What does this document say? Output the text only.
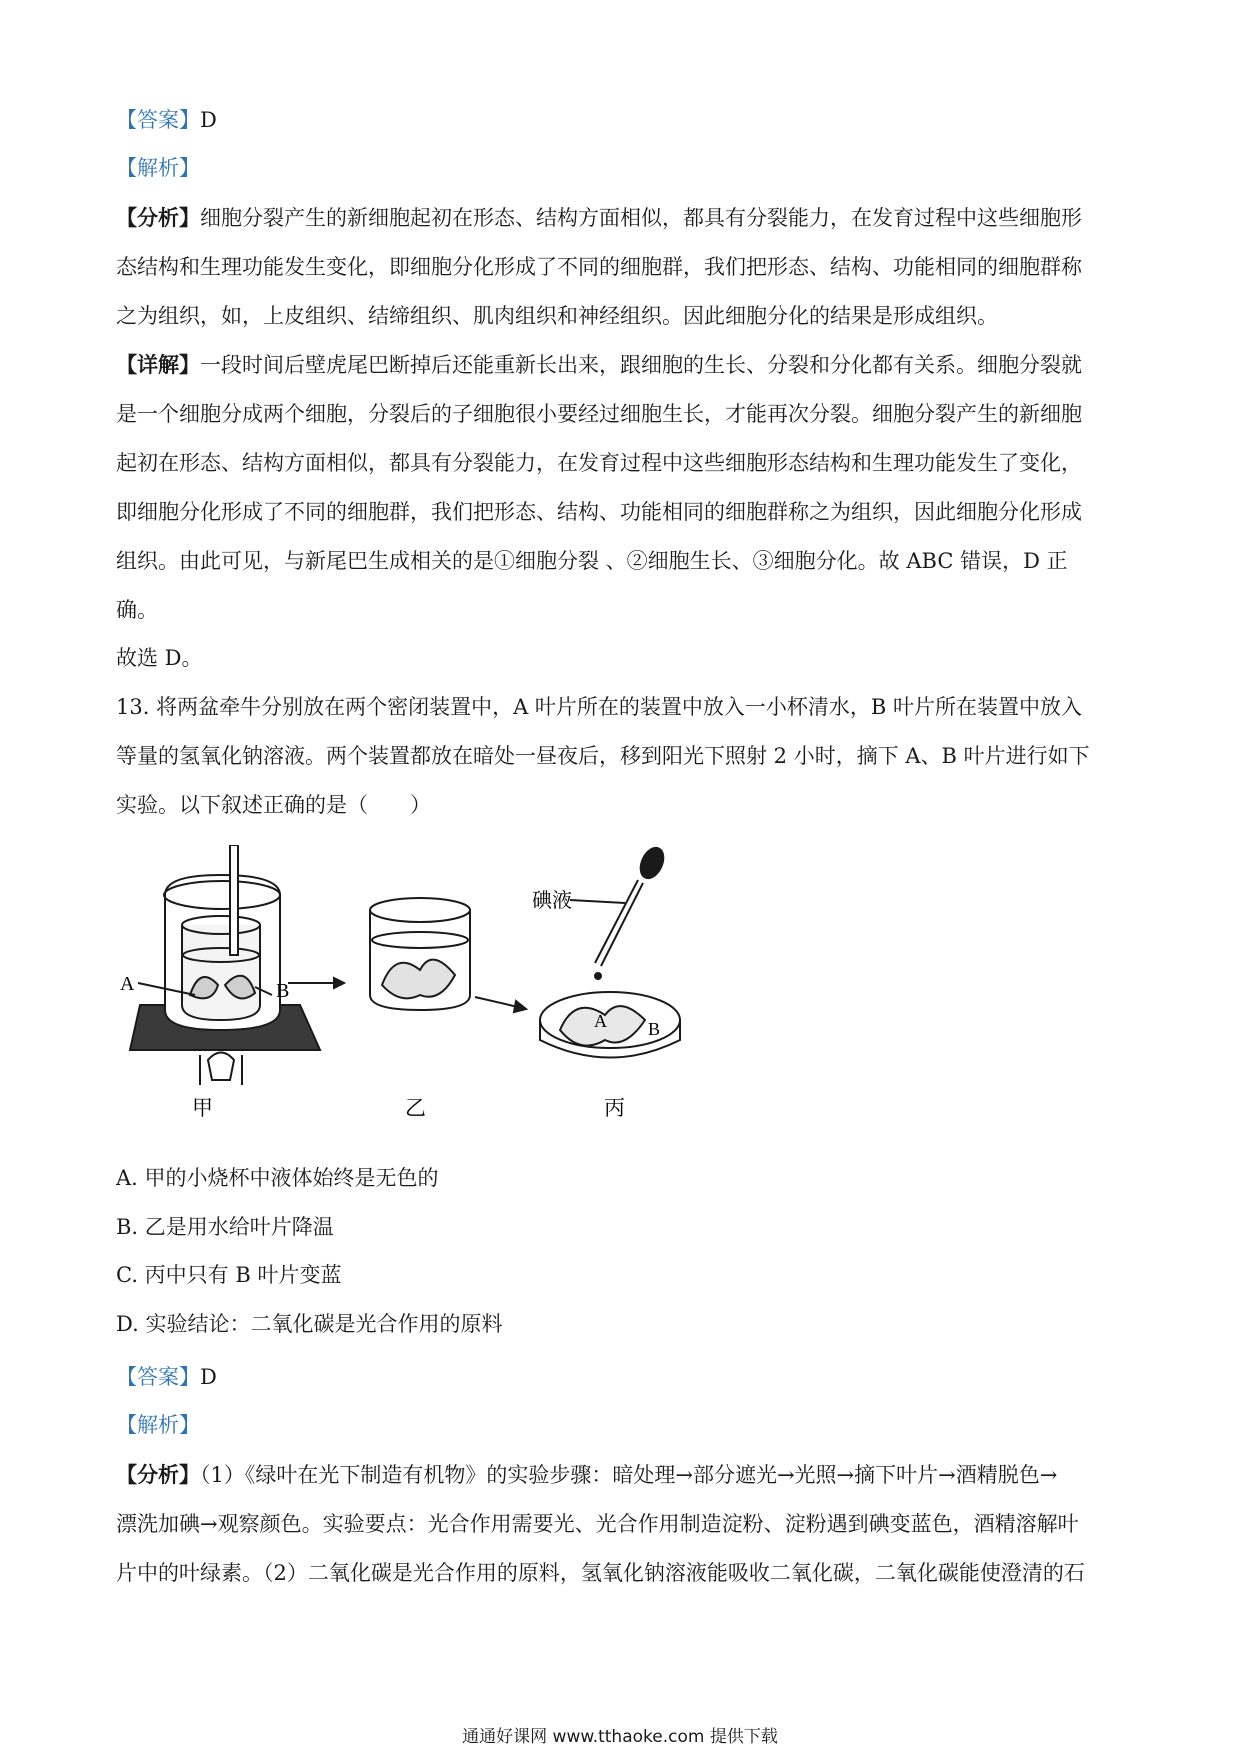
【答案】D
【解析】
【分析】细胞分裂产生的新细胞起初在形态、结构方面相似，都具有分裂能力，在发育过程中这些细胞形
态结构和生理功能发生变化，即细胞分化形成了不同的细胞群，我们把形态、结构、功能相同的细胞群称
之为组织，如，上皮组织、结缔组织、肌肉组织和神经组织。因此细胞分化的结果是形成组织。
【详解】一段时间后壁虎尾巴断掉后还能重新长出来，跟细胞的生长、分裂和分化都有关系。细胞分裂就
是一个细胞分成两个细胞，分裂后的子细胞很小要经过细胞生长，才能再次分裂。细胞分裂产生的新细胞
起初在形态、结构方面相似，都具有分裂能力，在发育过程中这些细胞形态结构和生理功能发生了变化，
即细胞分化形成了不同的细胞群，我们把形态、结构、功能相同的细胞群称之为组织，因此细胞分化形成
组织。由此可见，与新尾巴生成相关的是①细胞分裂 、②细胞生长、③细胞分化。故 ABC 错误，D 正
确。
故选 D。
13. 将两盆牵牛分别放在两个密闭装置中，A 叶片所在的装置中放入一小杯清水，B 叶片所在装置中放入
等量的氢氧化钠溶液。两个装置都放在暗处一昼夜后，移到阳光下照射 2 小时，摘下 A、B 叶片进行如下
实验。以下叙述正确的是（　　）
A	B
碘液
A B
甲	乙	丙
A. 甲的小烧杯中液体始终是无色的
B. 乙是用水给叶片降温
C. 丙中只有 B 叶片变蓝
D. 实验结论：二氧化碳是光合作用的原料
【答案】D
【解析】
【分析】（1）《绿叶在光下制造有机物》的实验步骤：暗处理→部分遮光→光照→摘下叶片→酒精脱色→
漂洗加碘→观察颜色。实验要点：光合作用需要光、光合作用制造淀粉、淀粉遇到碘变蓝色，酒精溶解叶
片中的叶绿素。（2）二氧化碳是光合作用的原料，氢氧化钠溶液能吸收二氧化碳，二氧化碳能使澄清的石
通通好课网 www.tthaoke.com 提供下载
